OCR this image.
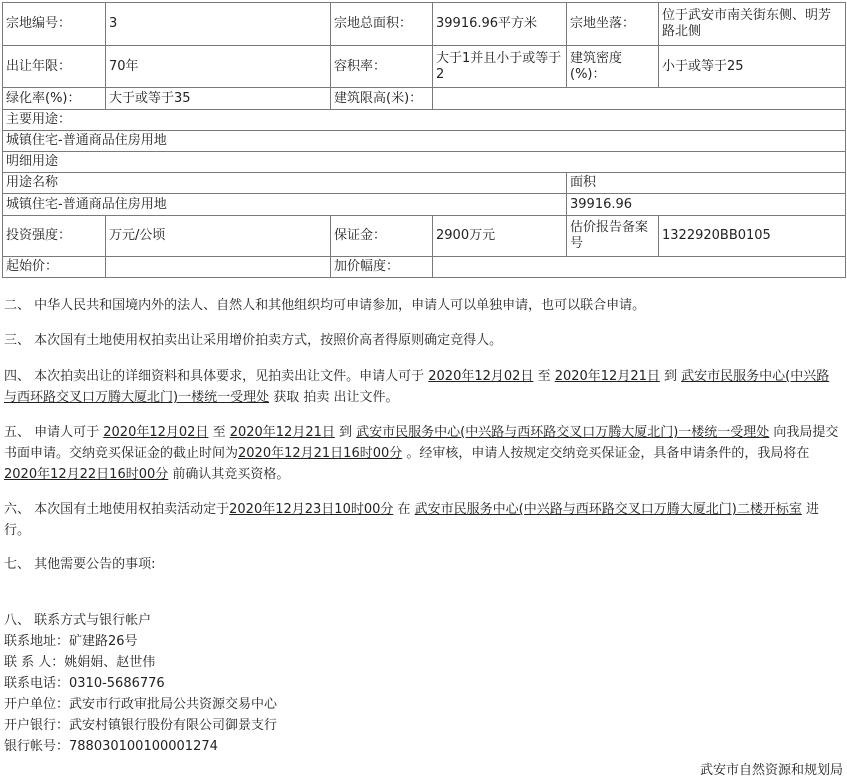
宗地编号：	3	宗地总面积：	39916.96平方米	宗地坐落：	位于武安市南关街东侧、明芳路北侧
出让年限：	70年	容积率：	大于1并且小于或等于2	建筑密度(%)：	小于或等于25
绿化率(%)：	大于或等于35	建筑限高(米)：			
主要用途：					
城镇住宅-普通商品住房用地					
明细用途					
用途名称				面积	
城镇住宅-普通商品住房用地				39916.96	
投资强度：	万元/公顷	保证金：	2900万元	估价报告备案号	1322920BB0105
起始价：		加价幅度：			

二、 中华人民共和国境内外的法人、自然人和其他组织均可申请参加，申请人可以单独申请，也可以联合申请。

三、 本次国有土地使用权拍卖出让采用增价拍卖方式，按照价高者得原则确定竞得人。

四、 本次拍卖出让的详细资料和具体要求，见拍卖出让文件。申请人可于 2020年12月02日 至 2020年12月21日 到 武安市民服务中心(中兴路与西环路交叉口万腾大厦北门)一楼统一受理处 获取 拍卖 出让文件。

五、 申请人可于 2020年12月02日 至 2020年12月21日 到 武安市民服务中心(中兴路与西环路交叉口万腾大厦北门)一楼统一受理处 向我局提交书面申请。交纳竞买保证金的截止时间为2020年12月21日16时00分 。经审核，申请人按规定交纳竞买保证金，具备申请条件的，我局将在 2020年12月22日16时00分 前确认其竞买资格。

六、 本次国有土地使用权拍卖活动定于2020年12月23日10时00分 在 武安市民服务中心(中兴路与西环路交叉口万腾大厦北门)二楼开标室 进行。

七、 其他需要公告的事项:

八、 联系方式与银行帐户
联系地址：矿建路26号
联 系 人：姚娟娟、赵世伟
联系电话：0310-5686776
开户单位：武安市行政审批局公共资源交易中心
开户银行：武安村镇银行股份有限公司御景支行
银行帐号：788030100100001274
武安市自然资源和规划局
